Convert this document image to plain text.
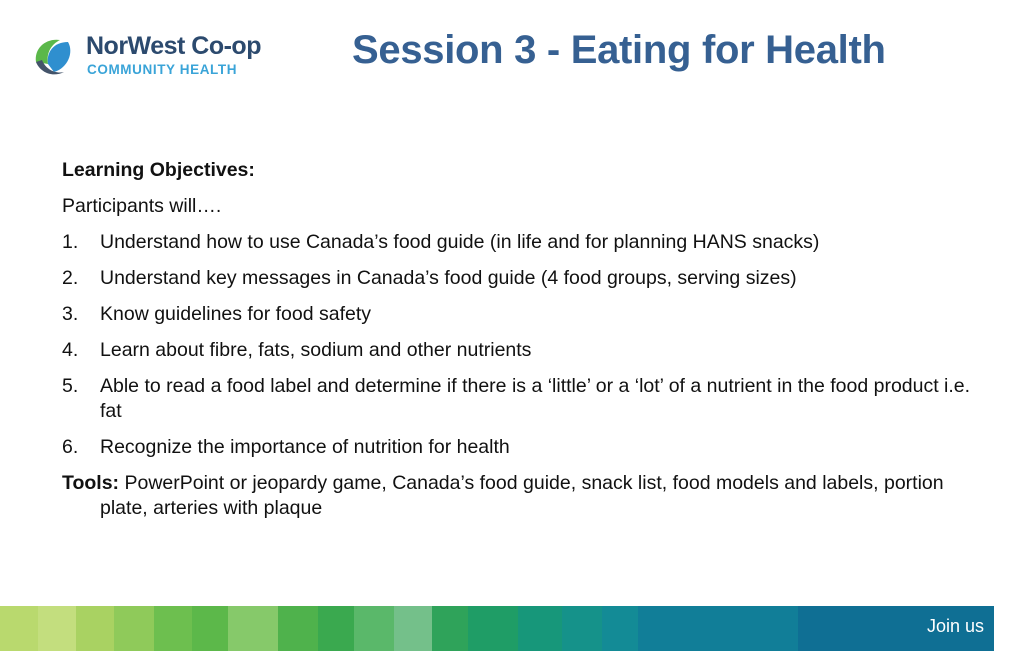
NorWest Co-op
COMMUNITY HEALTH	Session 3 - Eating for Health

Learning Objectives:

Participants will….

1. Understand how to use Canada’s food guide (in life and for planning HANS snacks)
2. Understand key messages in Canada’s food guide (4 food groups, serving sizes)
3. Know guidelines for food safety
4. Learn about fibre, fats, sodium and other nutrients
5. Able to read a food label and determine if there is a ‘little’ or a ‘lot’ of a nutrient in the food product i.e. fat
6. Recognize the importance of nutrition for health

Tools: PowerPoint or jeopardy game, Canada’s food guide, snack list, food models and labels, portion plate, arteries with plaque

Join us
